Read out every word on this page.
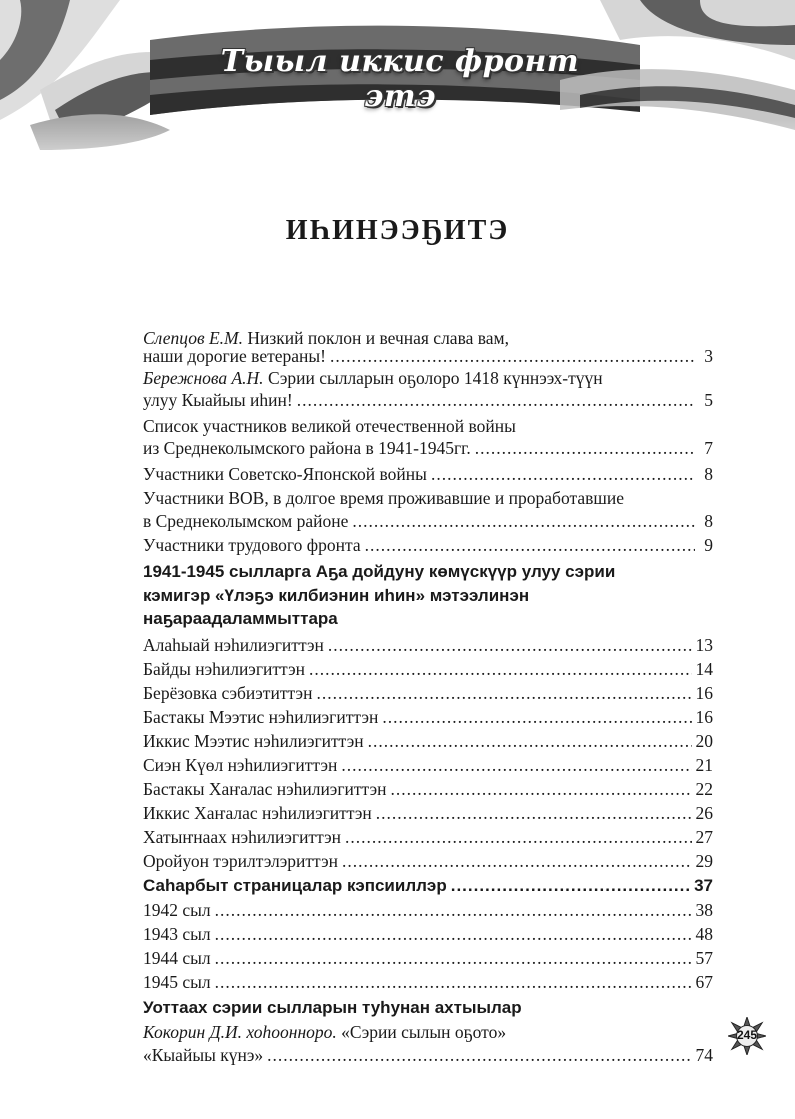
Тыыл иккис фронт этэ
ИҺИНЭЭҔИТЭ
Слепцов Е.М. Низкий поклон и вечная слава вам,
наши дорогие ветераны! .....	3
Бережнова А.Н. Сэрии сылларын оҕолоро 1418 күннээх-түүн
улуу Кыайыы иһин! .....	5
Список участников великой отечественной войны
из Среднеколымского района в 1941-1945гг. .....	7
Участники Советско-Японской войны .....	8
Участники ВОВ, в долгое время проживавшие и проработавшие
в Среднеколымском районе .....	8
Участники трудового фронта .....	9
1941-1945 сылларга Аҕа дойдуну көмүскүүр улуу сэрии
кэмигэр «Үлэҕэ килбиэнин иһин» мэтээлинэн
наҕараадаламмыттара
Алаһыай нэһилиэгиттэн .....	13
Байды нэһилиэгиттэн .....	14
Берёзовка сэбиэтиттэн .....	16
Бастакы Мээтис нэһилиэгиттэн .....	16
Иккис Мээтис нэһилиэгиттэн .....	20
Сиэн Күөл нэһилиэгиттэн .....	21
Бастакы Хаҥалас нэһилиэгиттэн .....	22
Иккис Хаҥалас нэһилиэгиттэн .....	26
Хатыҥнаах нэһилиэгиттэн .....	27
Оройуон тэрилтэлэриттэн .....	29
Саһарбыт страницалар кэпсииллэр .....	37
1942 сыл .....	38
1943 сыл .....	48
1944 сыл .....	57
1945 сыл .....	67
Уоттаах сэрии сылларын туһунан ахтыылар
Кокорин Д.И. хоһооннoро. «Сэрии сылын оҕото»
«Кыайыы күнэ» .....	74
245
